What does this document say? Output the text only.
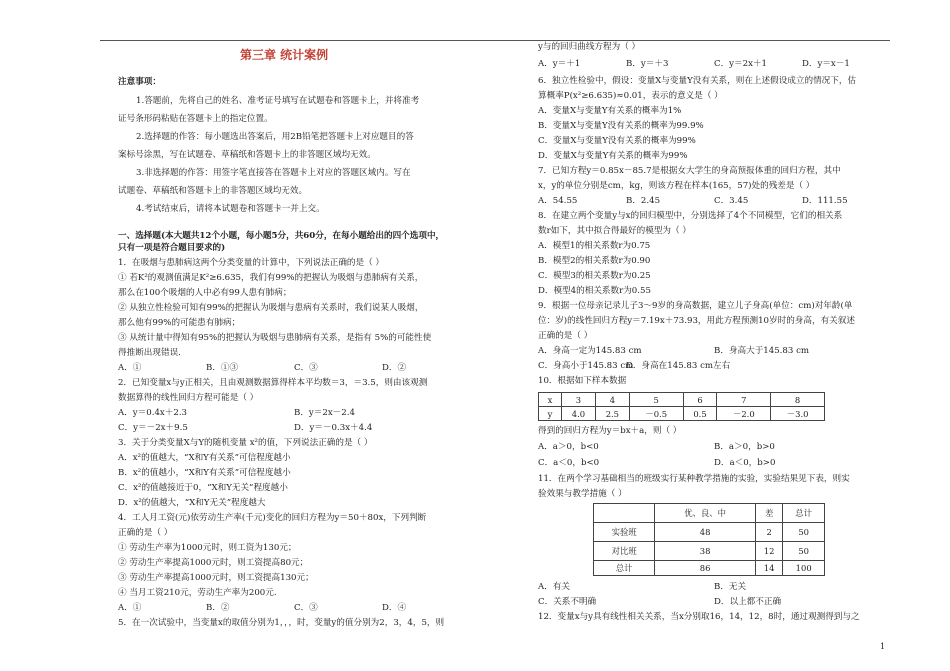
第三章 统计案例
注意事项：
1.答题前，先将自己的姓名、准考证号填写在试题卷和答题卡上，并将准考
证号条形码粘贴在答题卡上的指定位置。
2.选择题的作答：每小题选出答案后，用2B铅笔把答题卡上对应题目的答
案标号涂黑，写在试题卷、草稿纸和答题卡上的非答题区域均无效。
3.非选择题的作答：用签字笔直接答在答题卡上对应的答题区域内。写在
试题卷、草稿纸和答题卡上的非答题区域均无效。
4.考试结束后，请将本试题卷和答题卡一并上交。
一、选择题(本大题共12个小题，每小题5分，共60分，在每小题给出的四个选项中，
只有一项是符合题目要求的)
1．在吸烟与患肺病这两个分类变量的计算中，下列说法正确的是（ ）
① 若K²的观测值满足K²≥6.635，我们有99%的把握认为吸烟与患肺病有关系，
那么在100个吸烟的人中必有99人患有肺病；
② 从独立性检验可知有99%的把握认为吸烟与患病有关系时，我们说某人吸烟，
那么他有99%的可能患有肺病；
③ 从统计量中得知有95%的把握认为吸烟与患肺病有关系，是指有 5%的可能性使
得推断出现错误．
A．①	B．①③	C．③	D．②
2．已知变量x与y正相关，且由观测数据算得样本平均数＝3，＝3.5，则由该观测
数据算得的线性回归方程可能是（ ）
A．y＝0.4x＋2.3	B．y＝2x－2.4
C．y＝－2x＋9.5	D．y＝－0.3x＋4.4
3．关于分类变量X与Y的随机变量 x²的值，下列说法正确的是（ ）
A．x²的值越大，“X和Y有关系”可信程度越小
B．x²的值越小，“X和Y有关系”可信程度越小
C．x²的值越接近于0，“X和Y无关”程度越小
D．x²的值越大，“X和Y无关”程度越大
4．工人月工资(元)依劳动生产率(千元)变化的回归方程为y＝50＋80x，下列判断
正确的是（ ）
① 劳动生产率为1000元时，则工资为130元；
② 劳动生产率提高1000元时，则工资提高80元；
③ 劳动生产率提高1000元时，则工资提高130元；
④ 当月工资210元，劳动生产率为200元.
A．①	B．②	C．③	D．④
5．在一次试验中，当变量x的取值分别为1，，，时，变量y的值分别为2，3，4，5，则
y与的回归曲线方程为（ ）
A．y＝＋1	B．y＝＋3	C．y＝2x＋1	D．y＝x－1
6．独立性检验中，假设：变量X与变量Y没有关系，则在上述假设成立的情况下，估
算概率P(x²≥6.635)≈0.01，表示的意义是（ ）
A．变量X与变量Y有关系的概率为1%
B．变量X与变量Y没有关系的概率为99.9%
C．变量X与变量Y没有关系的概率为99%
D．变量X与变量Y有关系的概率为99%
7．已知方程y＝0.85x－85.7是根据女大学生的身高预报体重的回归方程，其中
x，y的单位分别是cm，kg，则该方程在样本(165，57)处的残差是（ ）
A．54.55	B．2.45	C．3.45	D．111.55
8．在建立两个变量y与x的回归模型中，分别选择了4个不同模型，它们的相关系
数r如下，其中拟合得最好的模型为（ ）
A．模型1的相关系数r为0.75
B．模型2的相关系数r为0.90
C．模型3的相关系数r为0.25
D．模型4的相关系数r为0.55
9．根据一位母亲记录儿子3～9岁的身高数据，建立儿子身高(单位：cm)对年龄(单
位：岁)的线性回归方程y＝7.19x＋73.93，用此方程预测10岁时的身高，有关叙述
正确的是（ ）
A．身高一定为145.83 cm	B．身高大于145.83 cm
C．身高小于145.83 cm
D．身高在145.83 cm左右
10．根据如下样本数据
得到的回归方程为y＝bx＋a，则（ ）
A．a＞0，b<0	B．a＞0，b>0
C．a＜0，b<0	D．a＜0，b>0
11．在两个学习基础相当的班级实行某种教学措施的实验，实验结果见下表，则实
验效果与教学措施（ ）
A．有关	B．无关
C．关系不明确	D．以上都不正确
12．变量x与y具有线性相关关系，当x分别取16，14，12，8时，通过观测得到与之
x	3	4	5	6	7	8
y	4.0	2.5	－0.5	0.5	－2.0	－3.0
	优、良、中	差	总计
实验班	48	2	50
对比班	38	12	50
总计	86	14	100
1
